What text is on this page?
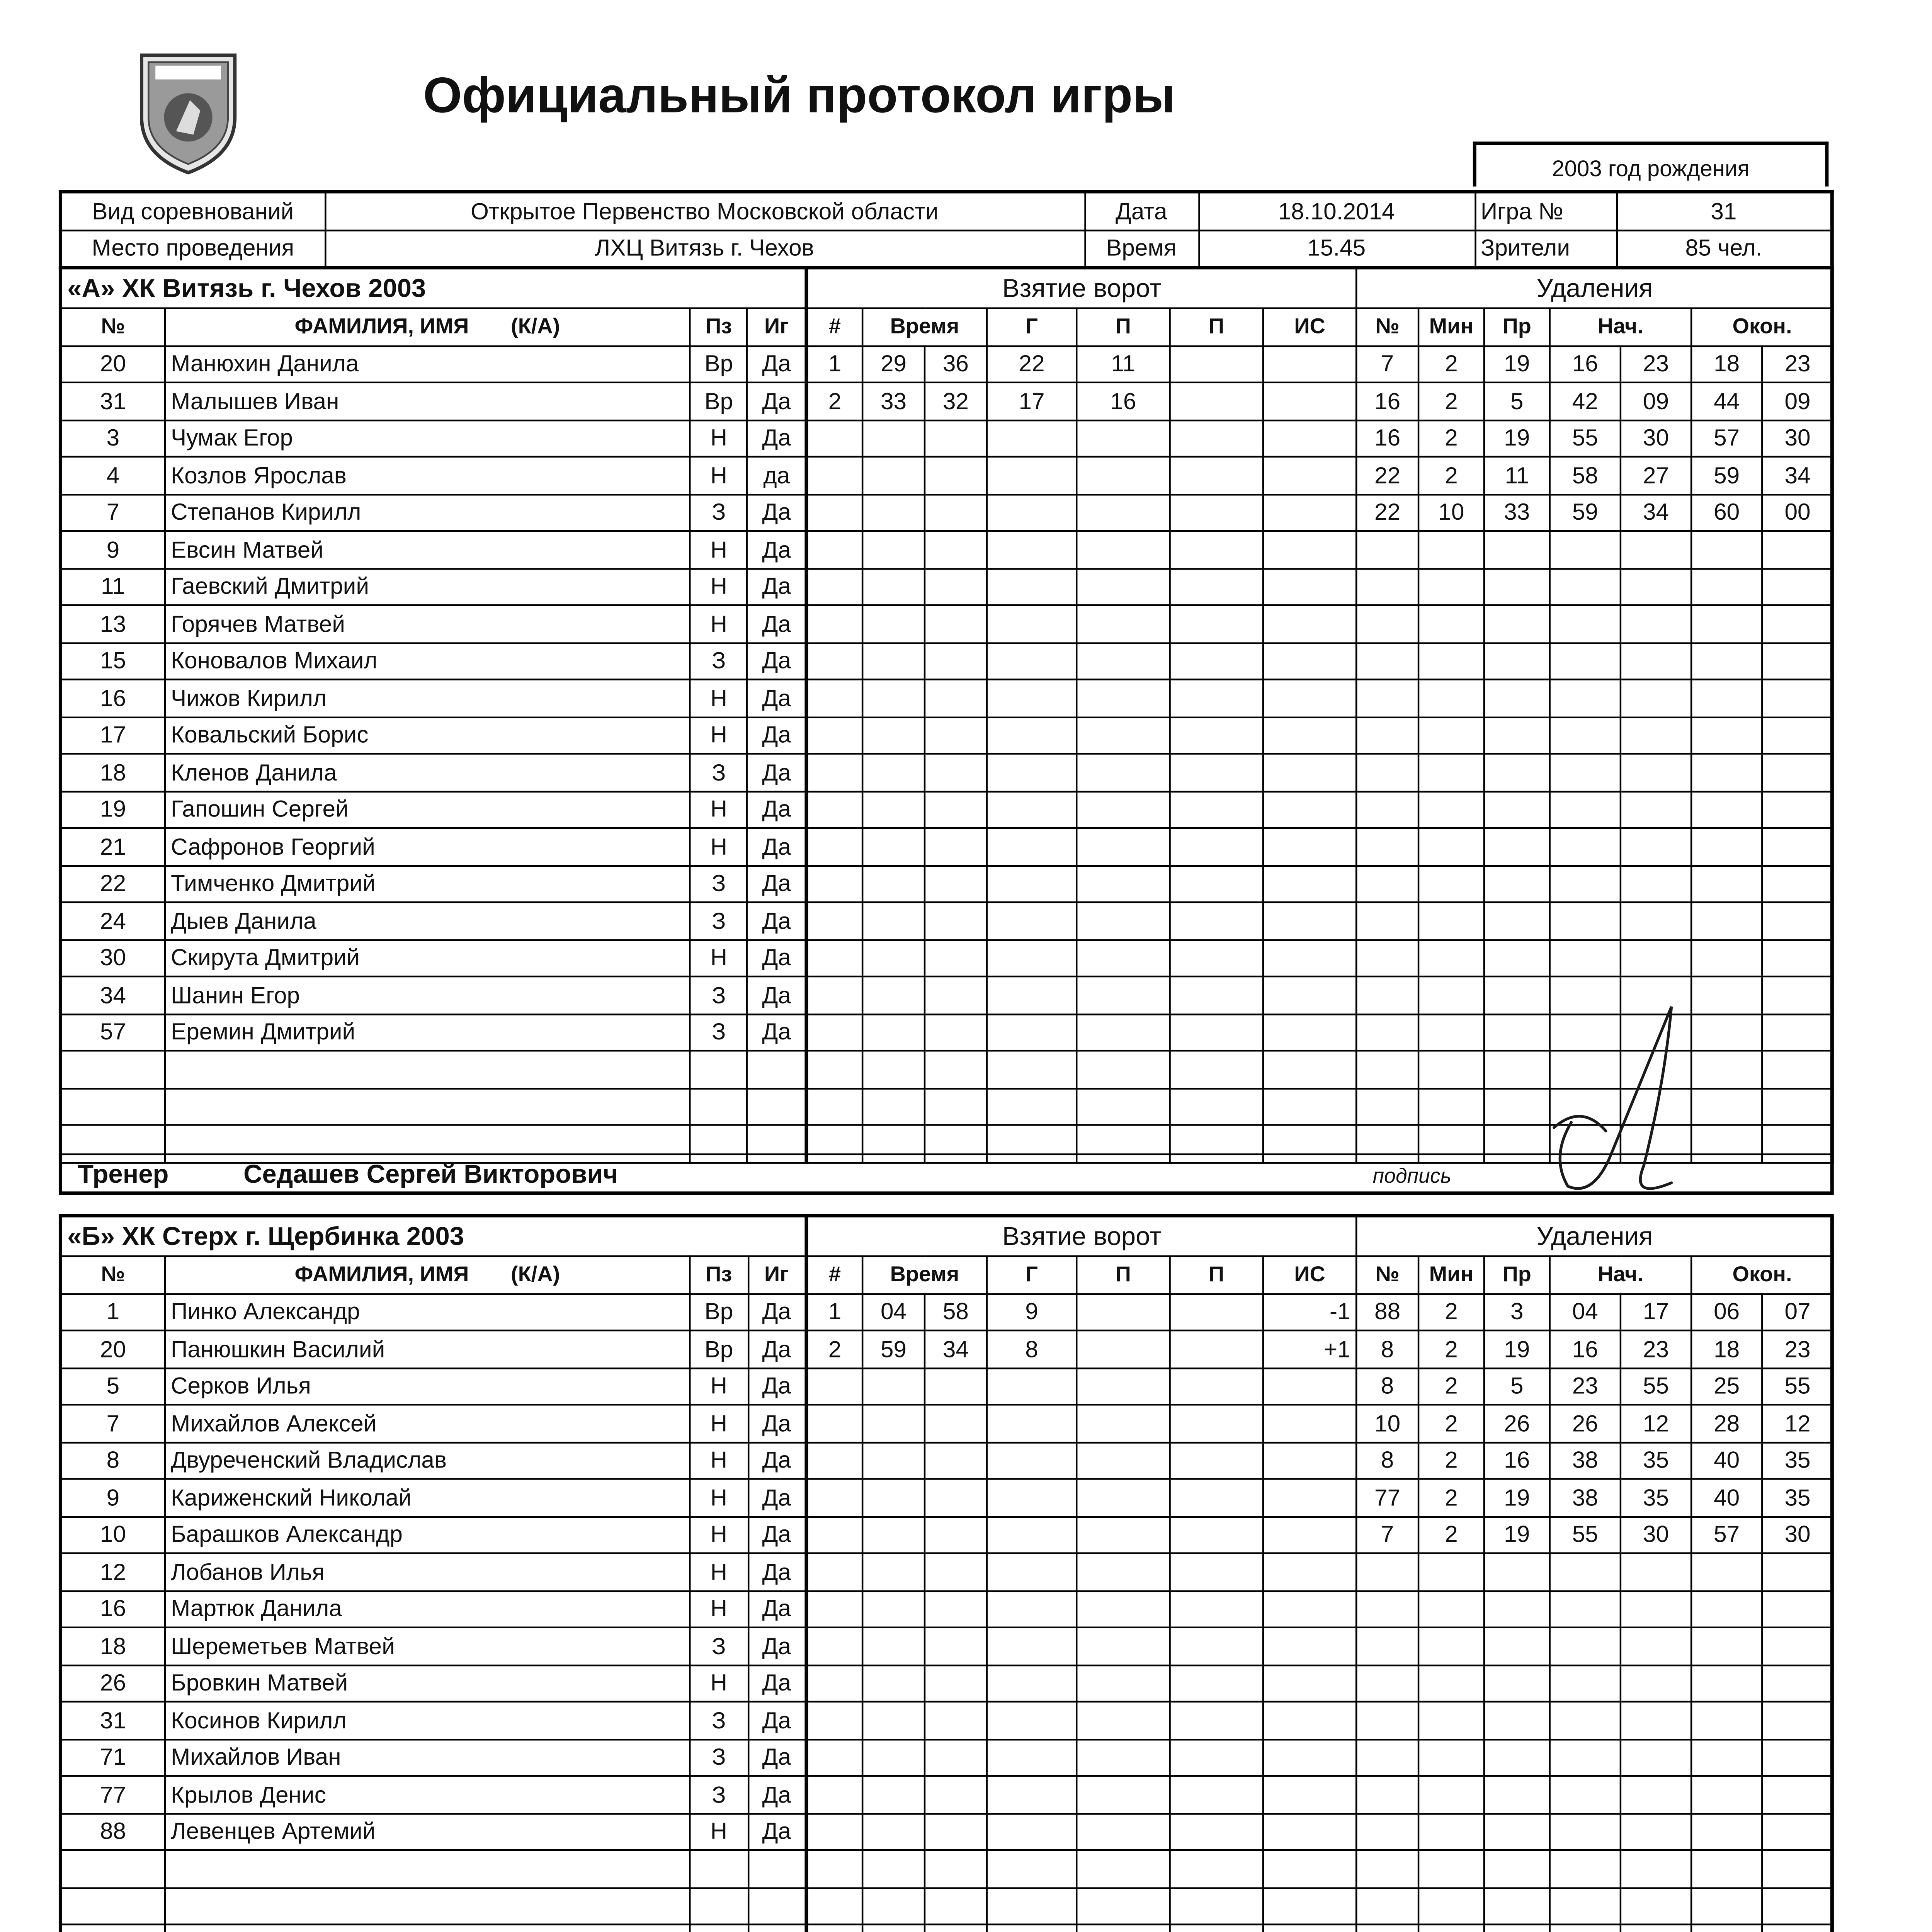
Официальный протокол игры
2003 год рождения
Вид соревнований	Открытое Первенство Московской области	Дата	18.10.2014	Игра №	31
Место проведения	ЛХЦ Витязь г. Чехов	Время	15.45	Зрители	85 чел.
«А» ХК Витязь г. Чехов 2003			
№	ФАМИЛИЯ, ИМЯ (К/А)	Пз	Иг
20	Манюхин Данила		Вр	Да
31	Малышев Иван		Вр	Да
3	Чумак Егор		Н	Да
4	Козлов Ярослав		Н	да
7	Степанов Кирилл		З	Да
9	Евсин Матвей		Н	Да
11	Гаевский Дмитрий		Н	Да
13	Горячев Матвей		Н	Да
15	Коновалов Михаил		З	Да
16	Чижов Кирилл		Н	Да
17	Ковальский Борис		Н	Да
18	Кленов Данила		З	Да
19	Гапошин Сергей		Н	Да
21	Сафронов Георгий		Н	Да
22	Тимченко Дмитрий		З	Да
24	Дыев Данила		З	Да
30	Скирута Дмитрий		Н	Да
34	Шанин Егор		З	Да
57	Еремин Дмитрий		З	Да

Взятие ворот						
#	Время		Г	П	П	ИС
1	29	36	22	11		
2	33	32	17	16		

Удаления						
№	Мин	Пр	Нач.		Окон.	
7	2	19	16	23	18	23
16	2	5	42	09	44	09
16	2	19	55	30	57	30
22	2	11	58	27	59	34
22	10	33	59	34	60	00

Тренер	Седашев Сергей Викторович	подпись
«Б» ХК Стерх г. Щербинка 2003			
№	ФАМИЛИЯ, ИМЯ (К/А)	Пз	Иг
1	Пинко Александр		Вр	Да
20	Панюшкин Василий		Вр	Да
5	Серков Илья		Н	Да
7	Михайлов Алексей		Н	Да
8	Двуреченский Владислав		Н	Да
9	Кариженский Николай		Н	Да
10	Барашков Александр		Н	Да
12	Лобанов Илья		Н	Да
16	Мартюк Данила		Н	Да
18	Шереметьев Матвей		З	Да
26	Бровкин Матвей		Н	Да
31	Косинов Кирилл		З	Да
71	Михайлов Иван		З	Да
77	Крылов Денис		З	Да
88	Левенцев Артемий		Н	Да

Взятие ворот						
#	Время		Г	П	П	ИС
1	04	58	9			-1
2	59	34	8			+1

Удаления						
№	Мин	Пр	Нач.		Окон.	
88	2	3	04	17	06	07
8	2	19	16	23	18	23
8	2	5	23	55	25	55
10	2	26	26	12	28	12
8	2	16	38	35	40	35
77	2	19	38	35	40	35
7	2	19	55	30	57	30
